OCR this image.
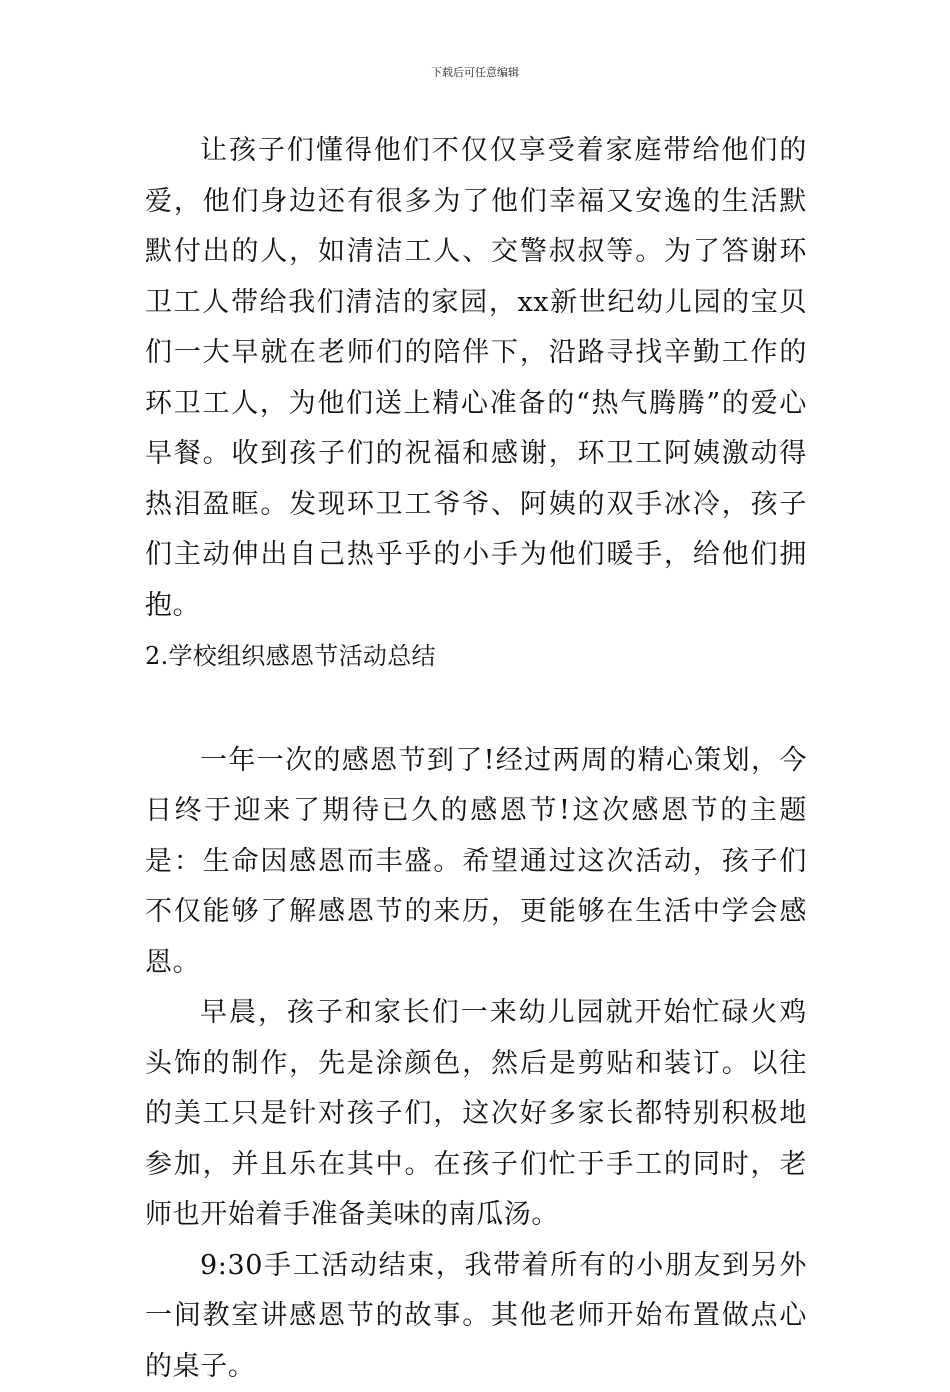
下载后可任意编辑

让孩子们懂得他们不仅仅享受着家庭带给他们的爱，他们身边还有很多为了他们幸福又安逸的生活默默付出的人，如清洁工人、交警叔叔等。为了答谢环卫工人带给我们清洁的家园，xx新世纪幼儿园的宝贝们一大早就在老师们的陪伴下，沿路寻找辛勤工作的环卫工人，为他们送上精心准备的“热气腾腾”的爱心早餐。收到孩子们的祝福和感谢，环卫工阿姨激动得热泪盈眶。发现环卫工爷爷、阿姨的双手冰冷，孩子们主动伸出自己热乎乎的小手为他们暖手，给他们拥抱。

2.学校组织感恩节活动总结

一年一次的感恩节到了!经过两周的精心策划，今日终于迎来了期待已久的感恩节!这次感恩节的主题是：生命因感恩而丰盛。希望通过这次活动，孩子们不仅能够了解感恩节的来历，更能够在生活中学会感恩。

早晨，孩子和家长们一来幼儿园就开始忙碌火鸡头饰的制作，先是涂颜色，然后是剪贴和装订。以往的美工只是针对孩子们，这次好多家长都特别积极地参加，并且乐在其中。在孩子们忙于手工的同时，老师也开始着手准备美味的南瓜汤。

9:30手工活动结束，我带着所有的小朋友到另外一间教室讲感恩节的故事。其他老师开始布置做点心的桌子。
